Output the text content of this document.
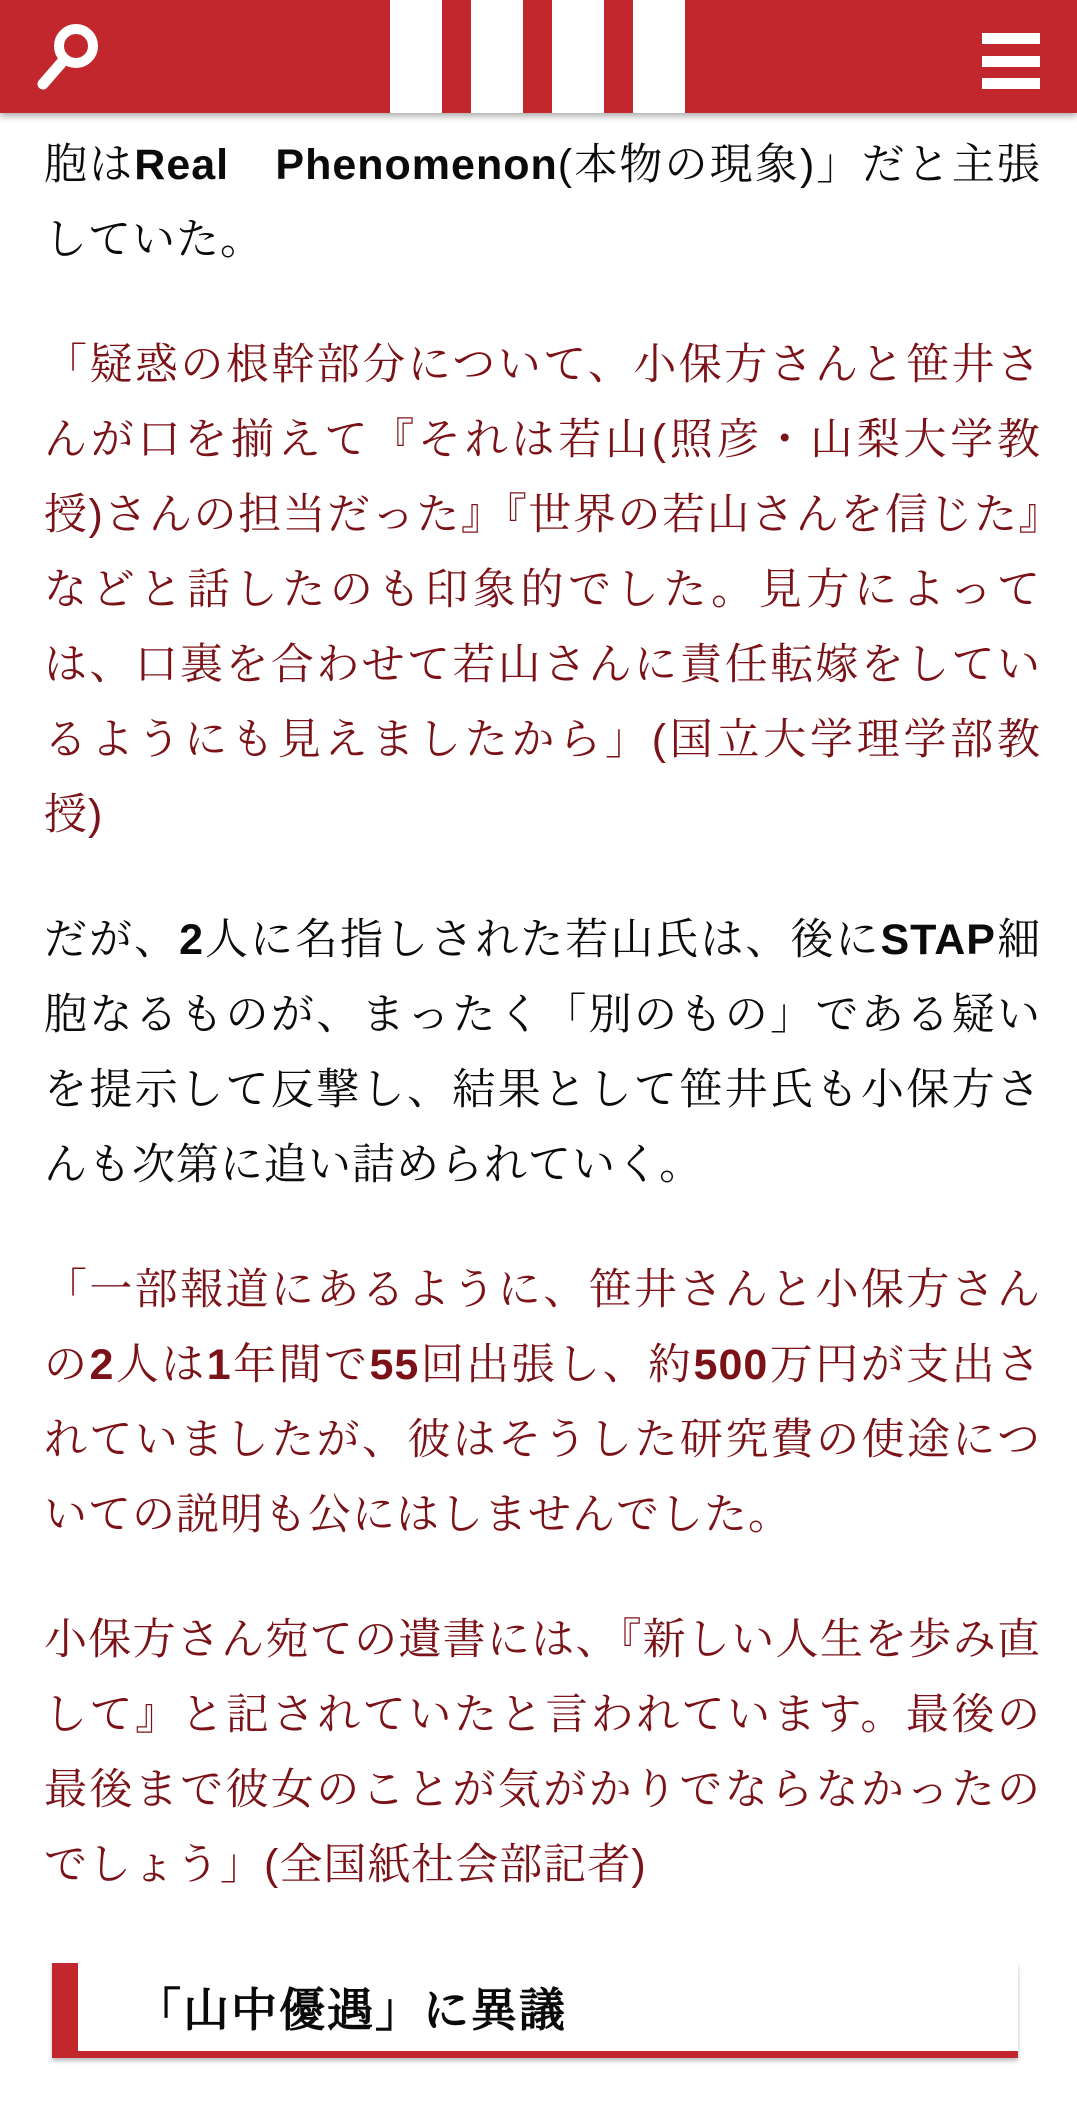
胞はReal　Phenomenon(本物の現象)」だと主張していた。

「疑惑の根幹部分について、小保方さんと笹井さんが口を揃えて『それは若山(照彦・山梨大学教授)さんの担当だった』『世界の若山さんを信じた』などと話したのも印象的でした。見方によっては、口裏を合わせて若山さんに責任転嫁をしているようにも見えましたから」(国立大学理学部教授)

だが、2人に名指しされた若山氏は、後にSTAP細胞なるものが、まったく「別のもの」である疑いを提示して反撃し、結果として笹井氏も小保方さんも次第に追い詰められていく。

「一部報道にあるように、笹井さんと小保方さんの2人は1年間で55回出張し、約500万円が支出されていましたが、彼はそうした研究費の使途についての説明も公にはしませんでした。

小保方さん宛ての遺書には、『新しい人生を歩み直して』と記されていたと言われています。最後の最後まで彼女のことが気がかりでならなかったのでしょう」(全国紙社会部記者)

「山中優遇」に異議
